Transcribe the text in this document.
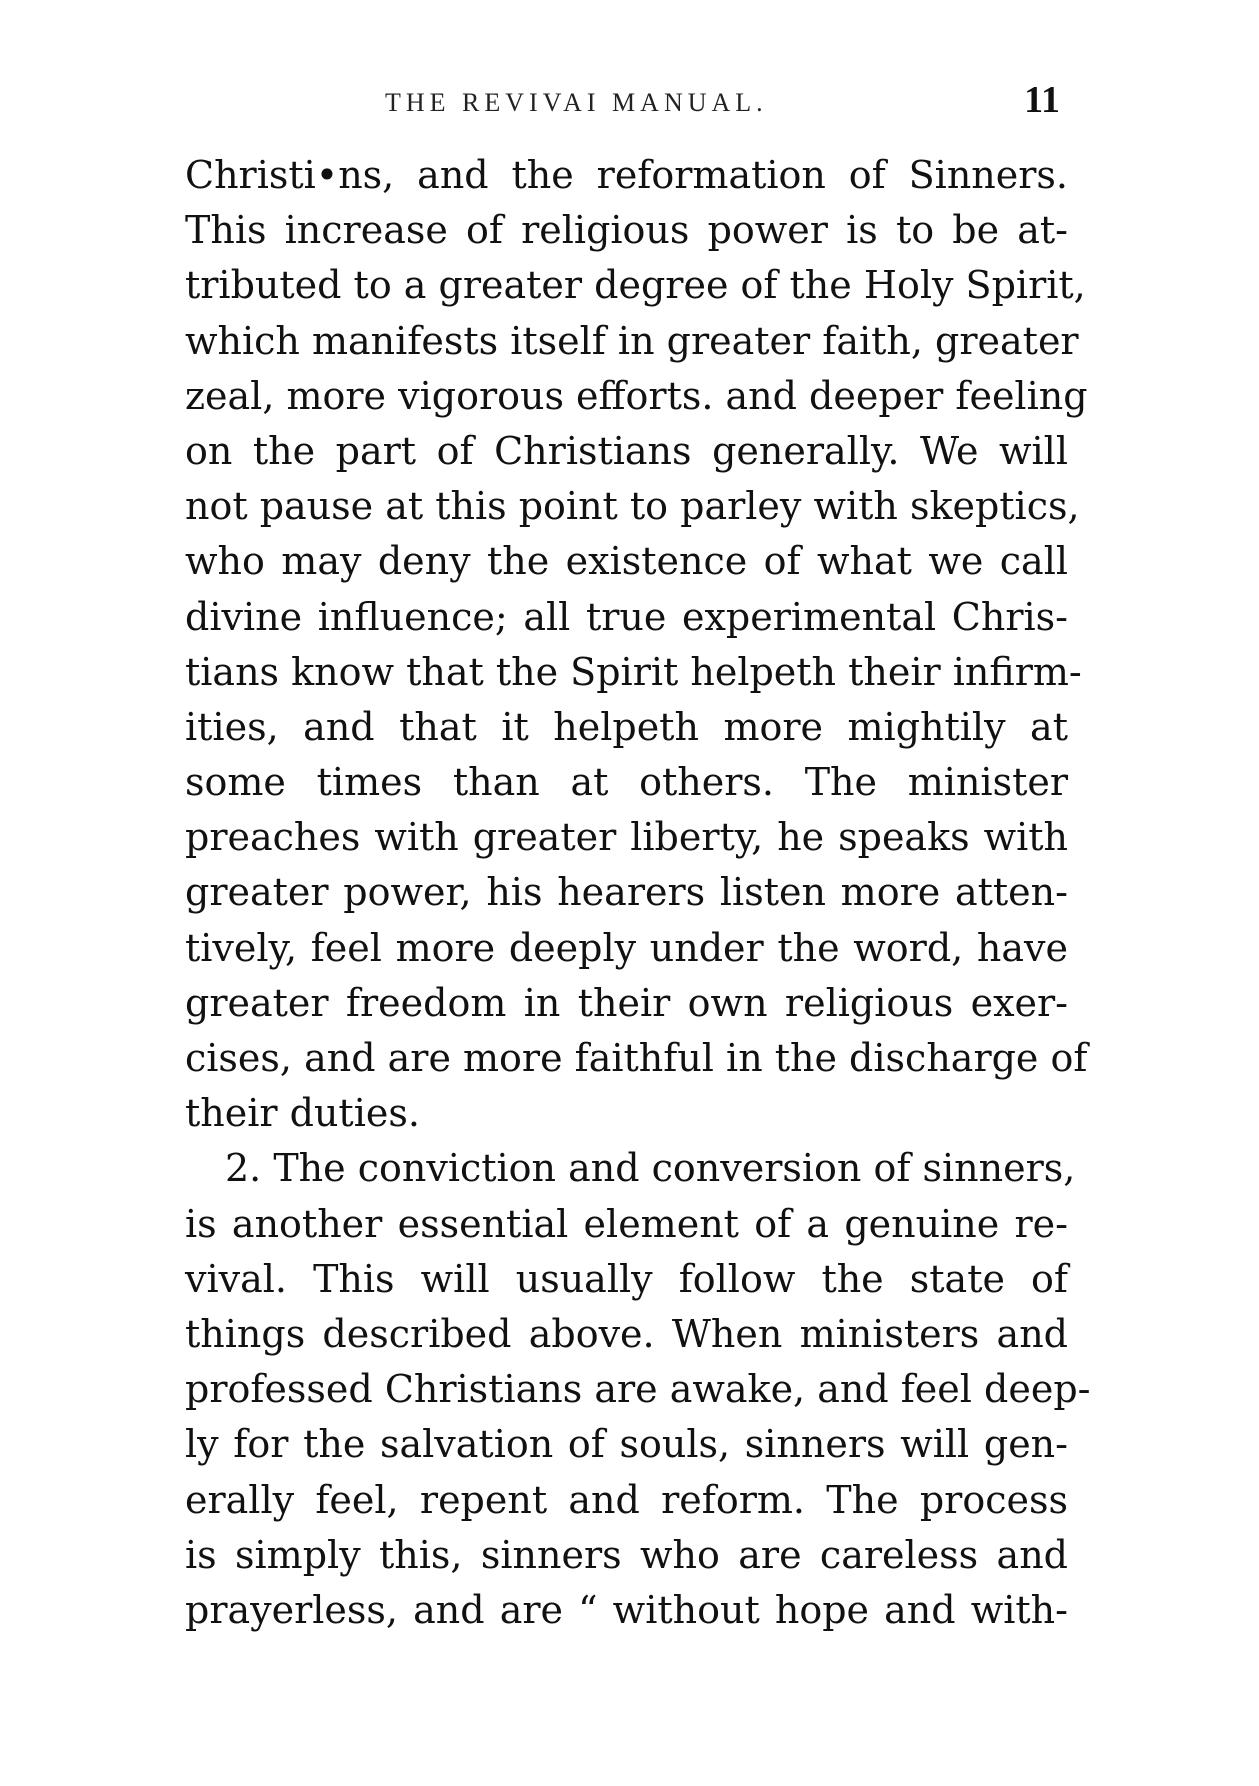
THE REVIVAI MANUAL.	11
Christi•ns, and the reformation of Sinners.
This increase of religious power is to be at-
tributed to a greater degree of the Holy Spirit,
which manifests itself in greater faith, greater
zeal, more vigorous efforts. and deeper feeling
on the part of Christians generally. We will
not pause at this point to parley with skeptics,
who may deny the existence of what we call
divine influence; all true experimental Chris-
tians know that the Spirit helpeth their infirm-
ities, and that it helpeth more mightily at
some times than at others. The minister
preaches with greater liberty, he speaks with
greater power, his hearers listen more atten-
tively, feel more deeply under the word, have
greater freedom in their own religious exer-
cises, and are more faithful in the discharge of
their duties.
2. The conviction and conversion of sinners,
is another essential element of a genuine re-
vival. This will usually follow the state of
things described above. When ministers and
professed Christians are awake, and feel deep-
ly for the salvation of souls, sinners will gen-
erally feel, repent and reform. The process
is simply this, sinners who are careless and
prayerless, and are “ without hope and with-
